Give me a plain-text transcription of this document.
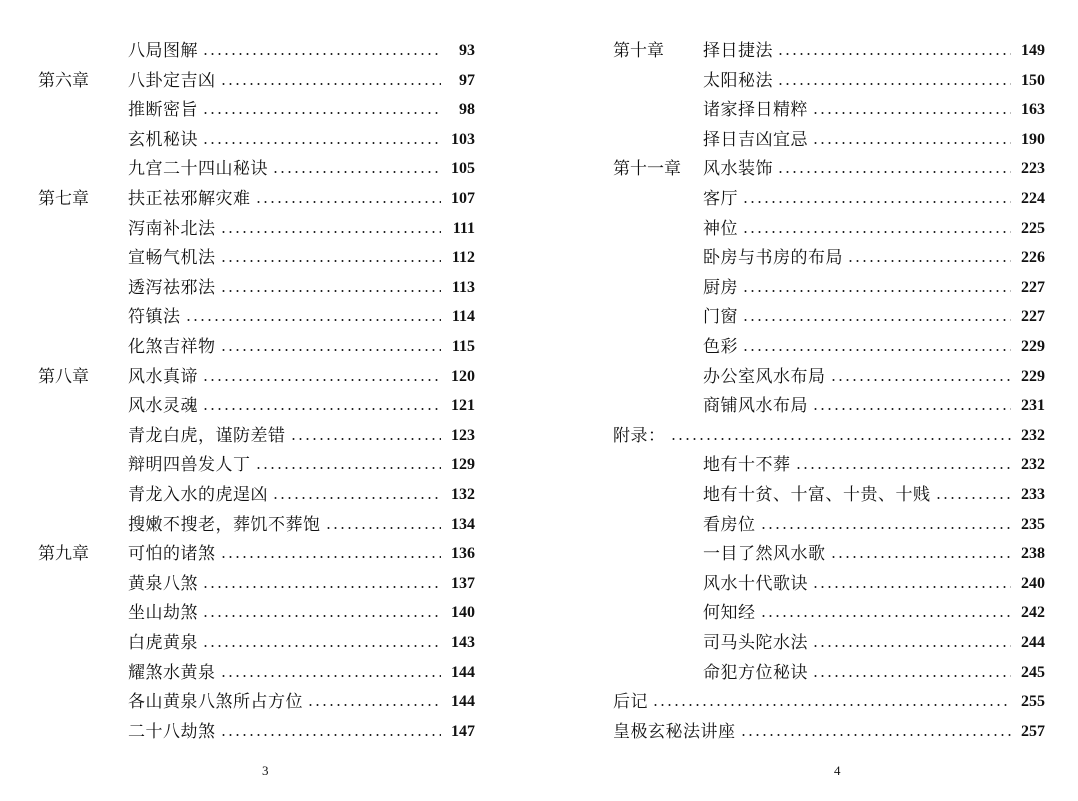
八局图解	93
第六章 八卦定吉凶	97
推断密旨	98
玄机秘诀	103
九宫二十四山秘诀	105
第七章 扶正祛邪解灾难	107
泻南补北法	111
宣畅气机法	112
透泻祛邪法	113
符镇法	114
化煞吉祥物	115
第八章 风水真谛	120
风水灵魂	121
青龙白虎，谨防差错	123
辩明四兽发人丁	129
青龙入水的虎逞凶	132
搜嫩不搜老，葬饥不葬饱	134
第九章 可怕的诸煞	136
黄泉八煞	137
坐山劫煞	140
白虎黄泉	143
耀煞水黄泉	144
各山黄泉八煞所占方位	144
二十八劫煞	147
3
第十章 择日捷法	149
太阳秘法	150
诸家择日精粹	163
择日吉凶宜忌	190
第十一章 风水装饰	223
客厅	224
神位	225
卧房与书房的布局	226
厨房	227
门窗	227
色彩	229
办公室风水布局	229
商铺风水布局	231
附录：	232
地有十不葬	232
地有十贫、十富、十贵、十贱	233
看房位	235
一目了然风水歌	238
风水十代歌诀	240
何知经	242
司马头陀水法	244
命犯方位秘诀	245
后记	255
皇极玄秘法讲座	257
4
